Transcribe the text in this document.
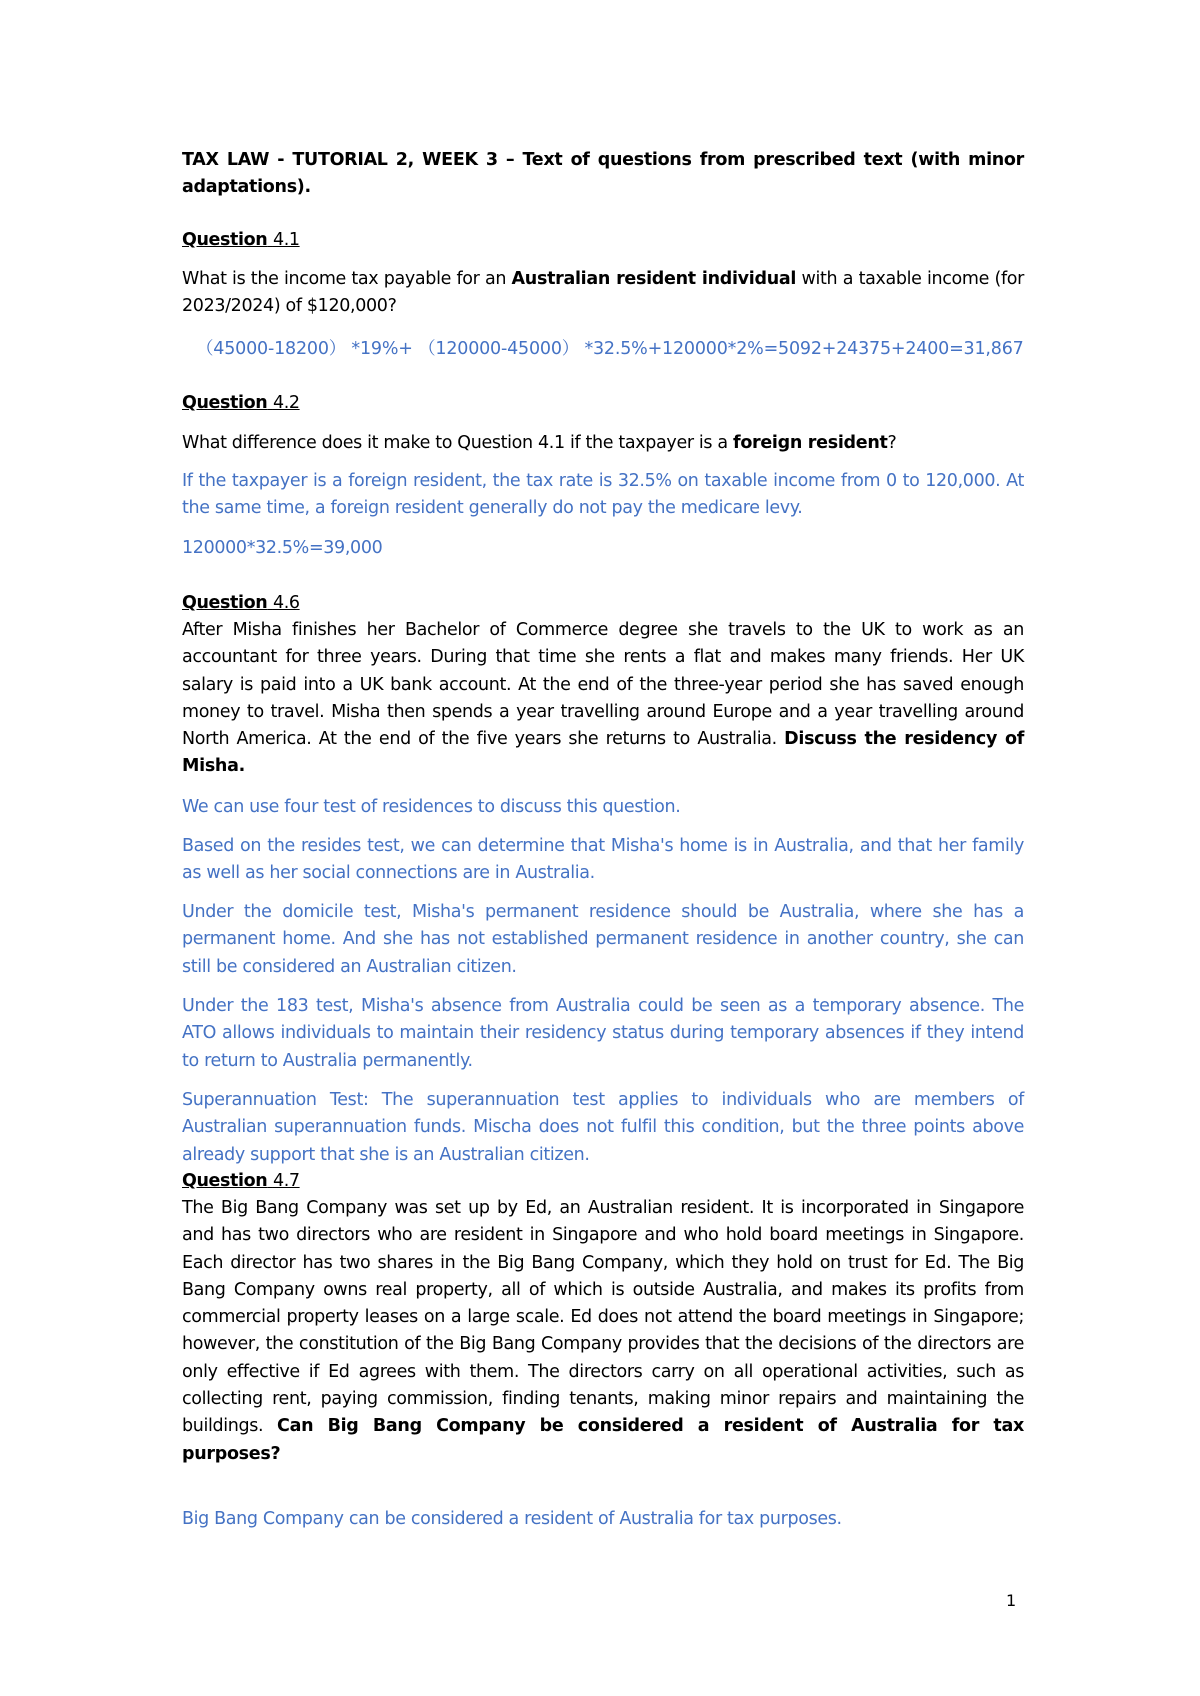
TAX LAW - TUTORIAL 2, WEEK 3 – Text of questions from prescribed text (with minor adaptations).
Question 4.1
What is the income tax payable for an Australian resident individual with a taxable income (for 2023/2024) of $120,000?
（45000-18200） *19%+ （120000-45000） *32.5%+120000*2%=5092+24375+2400=31,867
Question 4.2
What difference does it make to Question 4.1 if the taxpayer is a foreign resident?
If the taxpayer is a foreign resident, the tax rate is 32.5% on taxable income from 0 to 120,000. At the same time, a foreign resident generally do not pay the medicare levy.
120000*32.5%=39,000
Question 4.6
After Misha finishes her Bachelor of Commerce degree she travels to the UK to work as an accountant for three years. During that time she rents a flat and makes many friends. Her UK salary is paid into a UK bank account. At the end of the three-year period she has saved enough money to travel. Misha then spends a year travelling around Europe and a year travelling around North America. At the end of the five years she returns to Australia. Discuss the residency of Misha.
We can use four test of residences to discuss this question.
Based on the resides test, we can determine that Misha's home is in Australia, and that her family as well as her social connections are in Australia.
Under the domicile test, Misha's permanent residence should be Australia, where she has a permanent home. And she has not established permanent residence in another country, she can still be considered an Australian citizen.
Under the 183 test, Misha's absence from Australia could be seen as a temporary absence. The ATO allows individuals to maintain their residency status during temporary absences if they intend to return to Australia permanently.
Superannuation Test: The superannuation test applies to individuals who are members of Australian superannuation funds. Mischa does not fulfil this condition, but the three points above already support that she is an Australian citizen.
Question 4.7
The Big Bang Company was set up by Ed, an Australian resident. It is incorporated in Singapore and has two directors who are resident in Singapore and who hold board meetings in Singapore. Each director has two shares in the Big Bang Company, which they hold on trust for Ed. The Big Bang Company owns real property, all of which is outside Australia, and makes its profits from commercial property leases on a large scale. Ed does not attend the board meetings in Singapore; however, the constitution of the Big Bang Company provides that the decisions of the directors are only effective if Ed agrees with them. The directors carry on all operational activities, such as collecting rent, paying commission, finding tenants, making minor repairs and maintaining the buildings. Can Big Bang Company be considered a resident of Australia for tax purposes?
Big Bang Company can be considered a resident of Australia for tax purposes.
1
